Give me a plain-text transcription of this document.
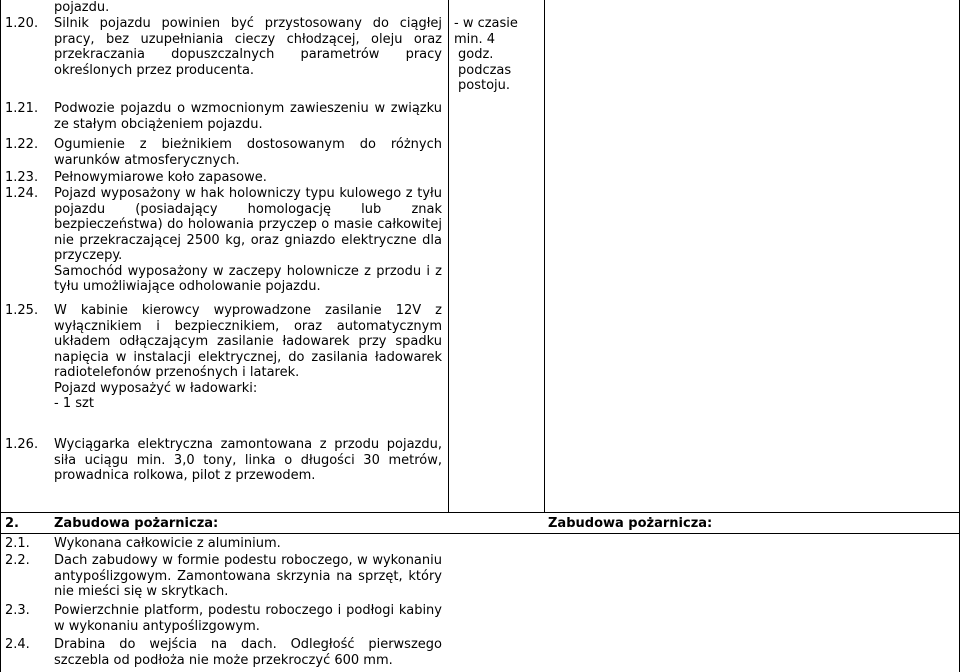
pojazdu.
1.20. Silnik pojazdu powinien być przystosowany do ciągłej pracy, bez uzupełniania cieczy chłodzącej, oleju oraz przekraczania dopuszczalnych parametrów pracy określonych przez producenta.

- w czasie

min. 4

godz.

podczas

postoju.

1.21. Podwozie pojazdu o wzmocnionym zawieszeniu w związku ze stałym obciążeniem pojazdu.

1.22. Ogumienie z bieżnikiem dostosowanym do różnych warunków atmosferycznych.

1.23. Pełnowymiarowe koło zapasowe.

1.24. Pojazd wyposażony w hak holowniczy typu kulowego z tyłu pojazdu (posiadający homologację lub znak bezpieczeństwa) do holowania przyczep o masie całkowitej nie przekraczającej 2500 kg, oraz gniazdo elektryczne dla przyczepy.

Samochód wyposażony w zaczepy holownicze z przodu i z tyłu umożliwiające odholowanie pojazdu.

1.25. W kabinie kierowcy wyprowadzone zasilanie 12V z wyłącznikiem i bezpiecznikiem, oraz automatycznym układem odłączającym zasilanie ładowarek przy spadku napięcia w instalacji elektrycznej, do zasilania ładowarek radiotelefonów przenośnych i latarek.

Pojazd wyposażyć w ładowarki:

- 1 szt

1.26. Wyciągarka elektryczna zamontowana z przodu pojazdu, siła uciągu min. 3,0 tony, linka o długości 30 metrów, prowadnica rolkowa, pilot z przewodem.

2.	Zabudowa pożarnicza:	Zabudowa pożarnicza:
2.1. Wykonana całkowicie z aluminium.

2.2. Dach zabudowy w formie podestu roboczego, w wykonaniu antypoślizgowym. Zamontowana skrzynia na sprzęt, który nie mieści się w skrytkach.

2.3. Powierzchnie platform, podestu roboczego i podłogi kabiny w wykonaniu antypoślizgowym.

2.4. Drabina do wejścia na dach. Odległość pierwszego szczebla od podłoża nie może przekroczyć 600 mm.
